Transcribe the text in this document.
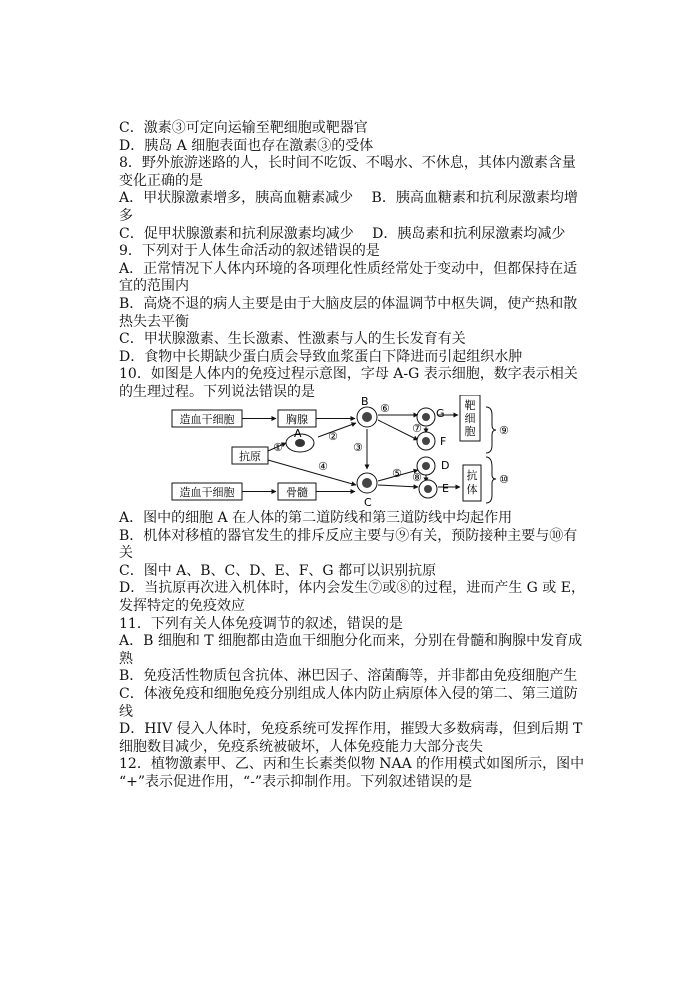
C．激素③可定向运输至靶细胞或靶器官
D．胰岛 A 细胞表面也存在激素③的受体
8．野外旅游迷路的人，长时间不吃饭、不喝水、不休息，其体内激素含量
变化正确的是
A．甲状腺激素增多，胰高血糖素减少　 B．胰高血糖素和抗利尿激素均增
多
C．促甲状腺激素和抗利尿激素均减少　 D．胰岛素和抗利尿激素均减少
9．下列对于人体生命活动的叙述错误的是
A．正常情况下人体内环境的各项理化性质经常处于变动中，但都保持在适
宜的范围内
B．高烧不退的病人主要是由于大脑皮层的体温调节中枢失调，使产热和散
热失去平衡
C．甲状腺激素、生长激素、性激素与人的生长发育有关
D．食物中长期缺少蛋白质会导致血浆蛋白下降进而引起组织水肿
10．如图是人体内的免疫过程示意图，字母 A-G 表示细胞，数字表示相关
的生理过程。下列说法错误的是
造血干细胞	胸腺
抗原
造血干细胞	骨髓
靶细胞
抗体
A
B
C
D
E
F
G
①
②
③
④
⑤
⑥
⑦
⑧
⑨
⑩
A．图中的细胞 A 在人体的第二道防线和第三道防线中均起作用
B．机体对移植的器官发生的排斥反应主要与⑨有关，预防接种主要与⑩有
关
C．图中 A、B、C、D、E、F、G 都可以识别抗原
D．当抗原再次进入机体时，体内会发生⑦或⑧的过程，进而产生 G 或 E，
发挥特定的免疫效应
11．下列有关人体免疫调节的叙述，错误的是
A．B 细胞和 T 细胞都由造血干细胞分化而来，分别在骨髓和胸腺中发育成
熟
B．免疫活性物质包含抗体、淋巴因子、溶菌酶等，并非都由免疫细胞产生
C．体液免疫和细胞免疫分别组成人体内防止病原体入侵的第二、第三道防
线
D．HIV 侵入人体时，免疫系统可发挥作用，摧毁大多数病毒，但到后期 T
细胞数目减少，免疫系统被破坏，人体免疫能力大部分丧失
12．植物激素甲、乙、丙和生长素类似物 NAA 的作用模式如图所示，图中
“+”表示促进作用，“-”表示抑制作用。下列叙述错误的是
